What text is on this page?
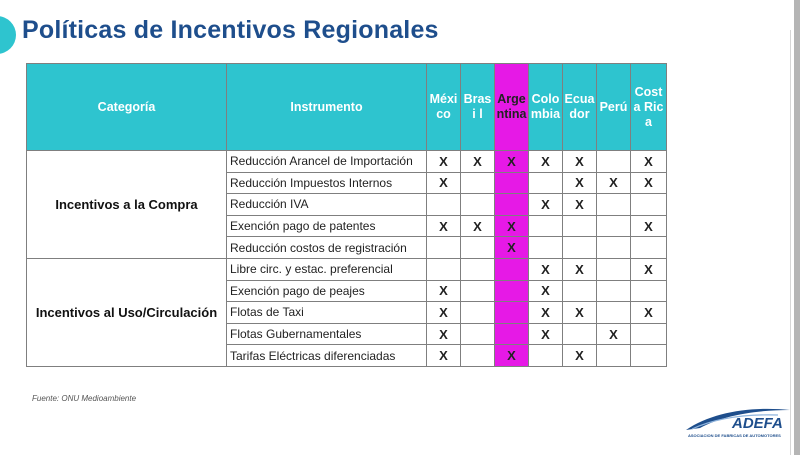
Políticas de Incentivos Regionales
Categoría	Instrumento	Méxi co	Brasi l	Arge ntina	Colo mbia	Ecua dor	Perú	Cost a Rica
Incentivos a la Compra	Reducción Arancel de Importación	X	X	X	X	X		X
	Reducción Impuestos Internos	X				X	X	X
	Reducción IVA				X	X		
	Exención pago de patentes	X	X	X				X
	Reducción costos de registración			X				
Incentivos al Uso/Circulación	Libre circ. y estac. preferencial				X	X		X
	Exención pago de peajes	X			X			
	Flotas de Taxi	X			X	X		X
	Flotas Gubernamentales	X			X		X	
	Tarifas Eléctricas diferenciadas	X		X		X		
Fuente: ONU Medioambiente
ADEFA
ASOCIACION DE FABRICAS DE AUTOMOTORES
